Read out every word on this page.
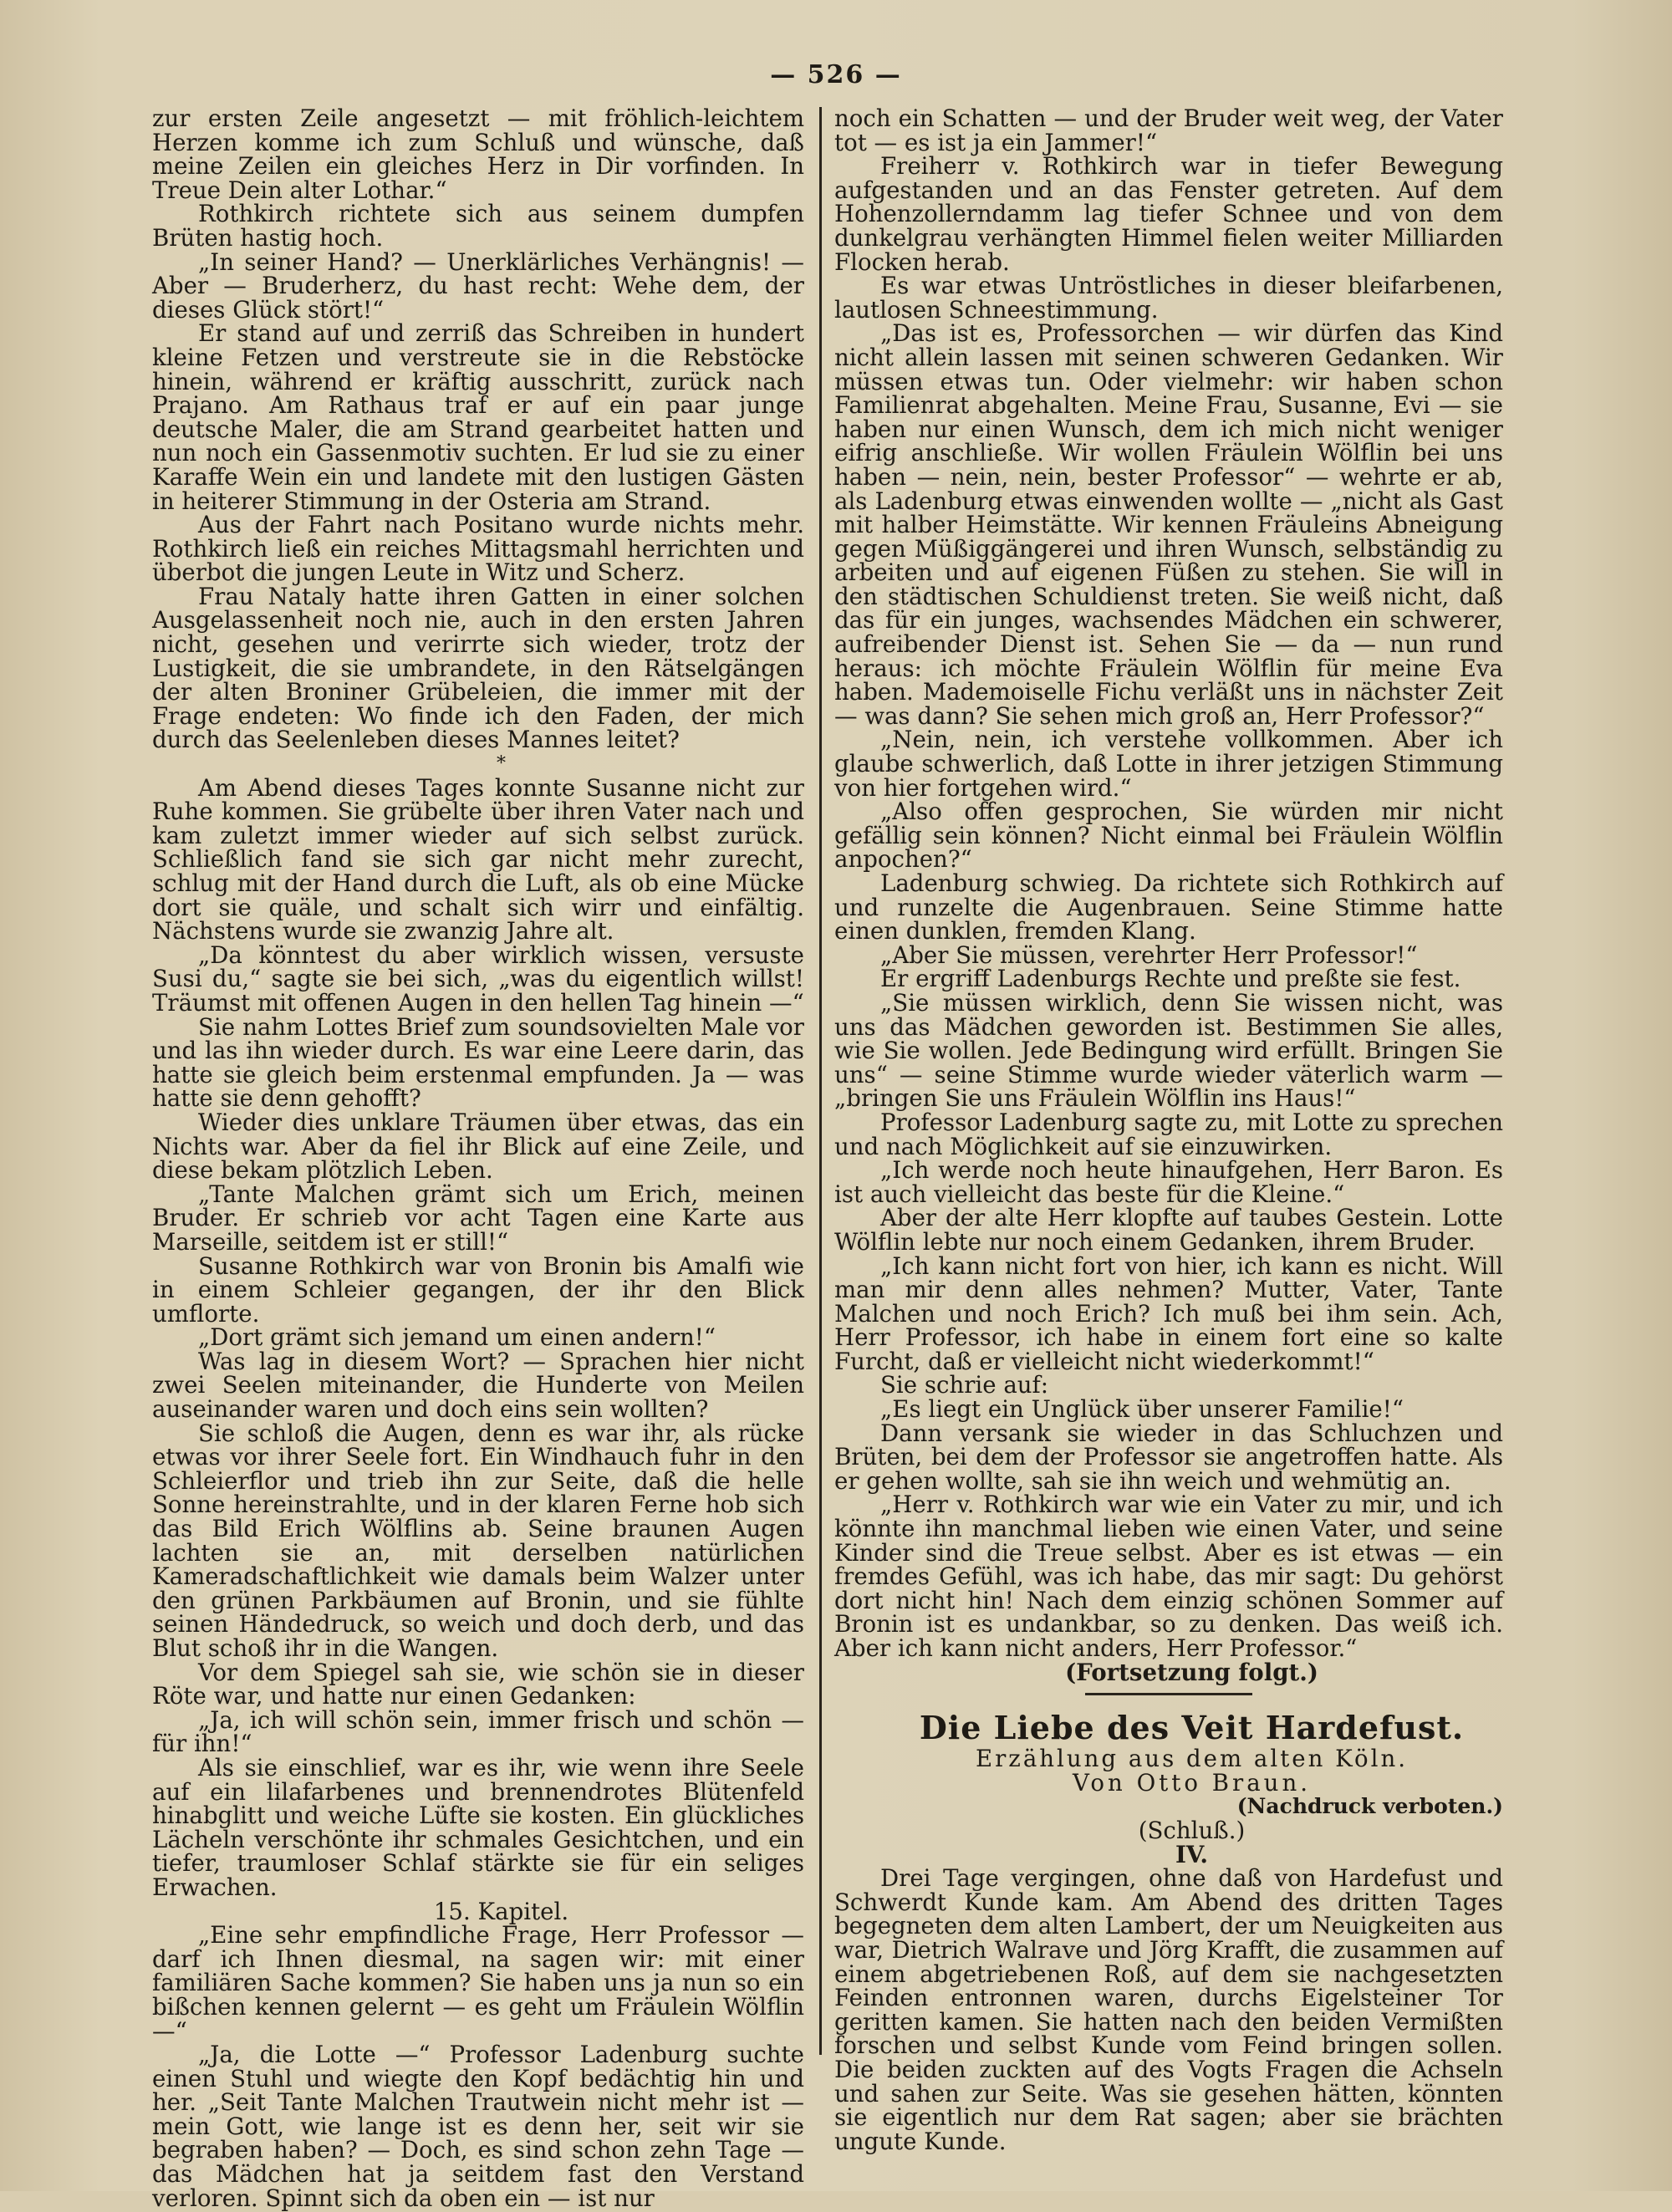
— 526 —

zur ersten Zeile angesetzt — mit fröhlich-leichtem Herzen komme ich zum Schluß und wünsche, daß meine Zeilen ein gleiches Herz in Dir vorfinden. In Treue Dein alter Lothar.“

Rothkirch richtete sich aus seinem dumpfen Brüten hastig hoch.

„In seiner Hand? — Unerklärliches Verhängnis! — Aber — Bruderherz, du hast recht: Wehe dem, der dieses Glück stört!“

Er stand auf und zerriß das Schreiben in hundert kleine Fetzen und verstreute sie in die Rebstöcke hinein, während er kräftig ausschritt, zurück nach Prajano. Am Rathaus traf er auf ein paar junge deutsche Maler, die am Strand gearbeitet hatten und nun noch ein Gassenmotiv suchten. Er lud sie zu einer Karaffe Wein ein und landete mit den lustigen Gästen in heiterer Stimmung in der Osteria am Strand.

Aus der Fahrt nach Positano wurde nichts mehr. Rothkirch ließ ein reiches Mittagsmahl herrichten und überbot die jungen Leute in Witz und Scherz.

Frau Nataly hatte ihren Gatten in einer solchen Ausgelassenheit noch nie, auch in den ersten Jahren nicht, gesehen und verirrte sich wieder, trotz der Lustigkeit, die sie umbrandete, in den Rätselgängen der alten Broniner Grübeleien, die immer mit der Frage endeten: Wo finde ich den Faden, der mich durch das Seelenleben dieses Mannes leitet?

*

Am Abend dieses Tages konnte Susanne nicht zur Ruhe kommen. Sie grübelte über ihren Vater nach und kam zuletzt immer wieder auf sich selbst zurück. Schließlich fand sie sich gar nicht mehr zurecht, schlug mit der Hand durch die Luft, als ob eine Mücke dort sie quäle, und schalt sich wirr und einfältig. Nächstens wurde sie zwanzig Jahre alt.

„Da könntest du aber wirklich wissen, versuste Susi du,“ sagte sie bei sich, „was du eigentlich willst! Träumst mit offenen Augen in den hellen Tag hinein —“

Sie nahm Lottes Brief zum soundsovielten Male vor und las ihn wieder durch. Es war eine Leere darin, das hatte sie gleich beim erstenmal empfunden. Ja — was hatte sie denn gehofft?

Wieder dies unklare Träumen über etwas, das ein Nichts war. Aber da fiel ihr Blick auf eine Zeile, und diese bekam plötzlich Leben.

„Tante Malchen grämt sich um Erich, meinen Bruder. Er schrieb vor acht Tagen eine Karte aus Marseille, seitdem ist er still!“

Susanne Rothkirch war von Bronin bis Amalfi wie in einem Schleier gegangen, der ihr den Blick umflorte.

„Dort grämt sich jemand um einen andern!“

Was lag in diesem Wort? — Sprachen hier nicht zwei Seelen miteinander, die Hunderte von Meilen auseinander waren und doch eins sein wollten?

Sie schloß die Augen, denn es war ihr, als rücke etwas vor ihrer Seele fort. Ein Windhauch fuhr in den Schleierflor und trieb ihn zur Seite, daß die helle Sonne hereinstrahlte, und in der klaren Ferne hob sich das Bild Erich Wölflins ab. Seine braunen Augen lachten sie an, mit derselben natürlichen Kameradschaftlichkeit wie damals beim Walzer unter den grünen Parkbäumen auf Bronin, und sie fühlte seinen Händedruck, so weich und doch derb, und das Blut schoß ihr in die Wangen.

Vor dem Spiegel sah sie, wie schön sie in dieser Röte war, und hatte nur einen Gedanken:

„Ja, ich will schön sein, immer frisch und schön — für ihn!“

Als sie einschlief, war es ihr, wie wenn ihre Seele auf ein lilafarbenes und brennendrotes Blütenfeld hinabglitt und weiche Lüfte sie kosten. Ein glückliches Lächeln verschönte ihr schmales Gesichtchen, und ein tiefer, traumloser Schlaf stärkte sie für ein seliges Erwachen.

15. Kapitel.

„Eine sehr empfindliche Frage, Herr Professor — darf ich Ihnen diesmal, na sagen wir: mit einer familiären Sache kommen? Sie haben uns ja nun so ein bißchen kennen gelernt — es geht um Fräulein Wölflin —“

„Ja, die Lotte —“ Professor Ladenburg suchte einen Stuhl und wiegte den Kopf bedächtig hin und her. „Seit Tante Malchen Trautwein nicht mehr ist — mein Gott, wie lange ist es denn her, seit wir sie begraben haben? — Doch, es sind schon zehn Tage — das Mädchen hat ja seitdem fast den Verstand verloren. Spinnt sich da oben ein — ist nur

noch ein Schatten — und der Bruder weit weg, der Vater tot — es ist ja ein Jammer!“

Freiherr v. Rothkirch war in tiefer Bewegung aufgestanden und an das Fenster getreten. Auf dem Hohenzollerndamm lag tiefer Schnee und von dem dunkelgrau verhängten Himmel fielen weiter Milliarden Flocken herab.

Es war etwas Untröstliches in dieser bleifarbenen, lautlosen Schneestimmung.

„Das ist es, Professorchen — wir dürfen das Kind nicht allein lassen mit seinen schweren Gedanken. Wir müssen etwas tun. Oder vielmehr: wir haben schon Familienrat abgehalten. Meine Frau, Susanne, Evi — sie haben nur einen Wunsch, dem ich mich nicht weniger eifrig anschließe. Wir wollen Fräulein Wölflin bei uns haben — nein, nein, bester Professor“ — wehrte er ab, als Ladenburg etwas einwenden wollte — „nicht als Gast mit halber Heimstätte. Wir kennen Fräuleins Abneigung gegen Müßiggängerei und ihren Wunsch, selbständig zu arbeiten und auf eigenen Füßen zu stehen. Sie will in den städtischen Schuldienst treten. Sie weiß nicht, daß das für ein junges, wachsendes Mädchen ein schwerer, aufreibender Dienst ist. Sehen Sie — da — nun rund heraus: ich möchte Fräulein Wölflin für meine Eva haben. Mademoiselle Fichu verläßt uns in nächster Zeit — was dann? Sie sehen mich groß an, Herr Professor?“

„Nein, nein, ich verstehe vollkommen. Aber ich glaube schwerlich, daß Lotte in ihrer jetzigen Stimmung von hier fortgehen wird.“

„Also offen gesprochen, Sie würden mir nicht gefällig sein können? Nicht einmal bei Fräulein Wölflin anpochen?“

Ladenburg schwieg. Da richtete sich Rothkirch auf und runzelte die Augenbrauen. Seine Stimme hatte einen dunklen, fremden Klang.

„Aber Sie müssen, verehrter Herr Professor!“

Er ergriff Ladenburgs Rechte und preßte sie fest.

„Sie müssen wirklich, denn Sie wissen nicht, was uns das Mädchen geworden ist. Bestimmen Sie alles, wie Sie wollen. Jede Bedingung wird erfüllt. Bringen Sie uns“ — seine Stimme wurde wieder väterlich warm — „bringen Sie uns Fräulein Wölflin ins Haus!“

Professor Ladenburg sagte zu, mit Lotte zu sprechen und nach Möglichkeit auf sie einzuwirken.

„Ich werde noch heute hinaufgehen, Herr Baron. Es ist auch vielleicht das beste für die Kleine.“

Aber der alte Herr klopfte auf taubes Gestein. Lotte Wölflin lebte nur noch einem Gedanken, ihrem Bruder.

„Ich kann nicht fort von hier, ich kann es nicht. Will man mir denn alles nehmen? Mutter, Vater, Tante Malchen und noch Erich? Ich muß bei ihm sein. Ach, Herr Professor, ich habe in einem fort eine so kalte Furcht, daß er vielleicht nicht wiederkommt!“

Sie schrie auf:

„Es liegt ein Unglück über unserer Familie!“

Dann versank sie wieder in das Schluchzen und Brüten, bei dem der Professor sie angetroffen hatte. Als er gehen wollte, sah sie ihn weich und wehmütig an.

„Herr v. Rothkirch war wie ein Vater zu mir, und ich könnte ihn manchmal lieben wie einen Vater, und seine Kinder sind die Treue selbst. Aber es ist etwas — ein fremdes Gefühl, was ich habe, das mir sagt: Du gehörst dort nicht hin! Nach dem einzig schönen Sommer auf Bronin ist es undankbar, so zu denken. Das weiß ich. Aber ich kann nicht anders, Herr Professor.“

(Fortsetzung folgt.)

Die Liebe des Veit Hardefust.

Erzählung aus dem alten Köln.

Von Otto Braun.

(Nachdruck verboten.)

(Schluß.)

IV.

Drei Tage vergingen, ohne daß von Hardefust und Schwerdt Kunde kam. Am Abend des dritten Tages begegneten dem alten Lambert, der um Neuigkeiten aus war, Dietrich Walrave und Jörg Krafft, die zusammen auf einem abgetriebenen Roß, auf dem sie nachgesetzten Feinden entronnen waren, durchs Eigelsteiner Tor geritten kamen. Sie hatten nach den beiden Vermißten forschen und selbst Kunde vom Feind bringen sollen. Die beiden zuckten auf des Vogts Fragen die Achseln und sahen zur Seite. Was sie gesehen hätten, könnten sie eigentlich nur dem Rat sagen; aber sie brächten ungute Kunde.
